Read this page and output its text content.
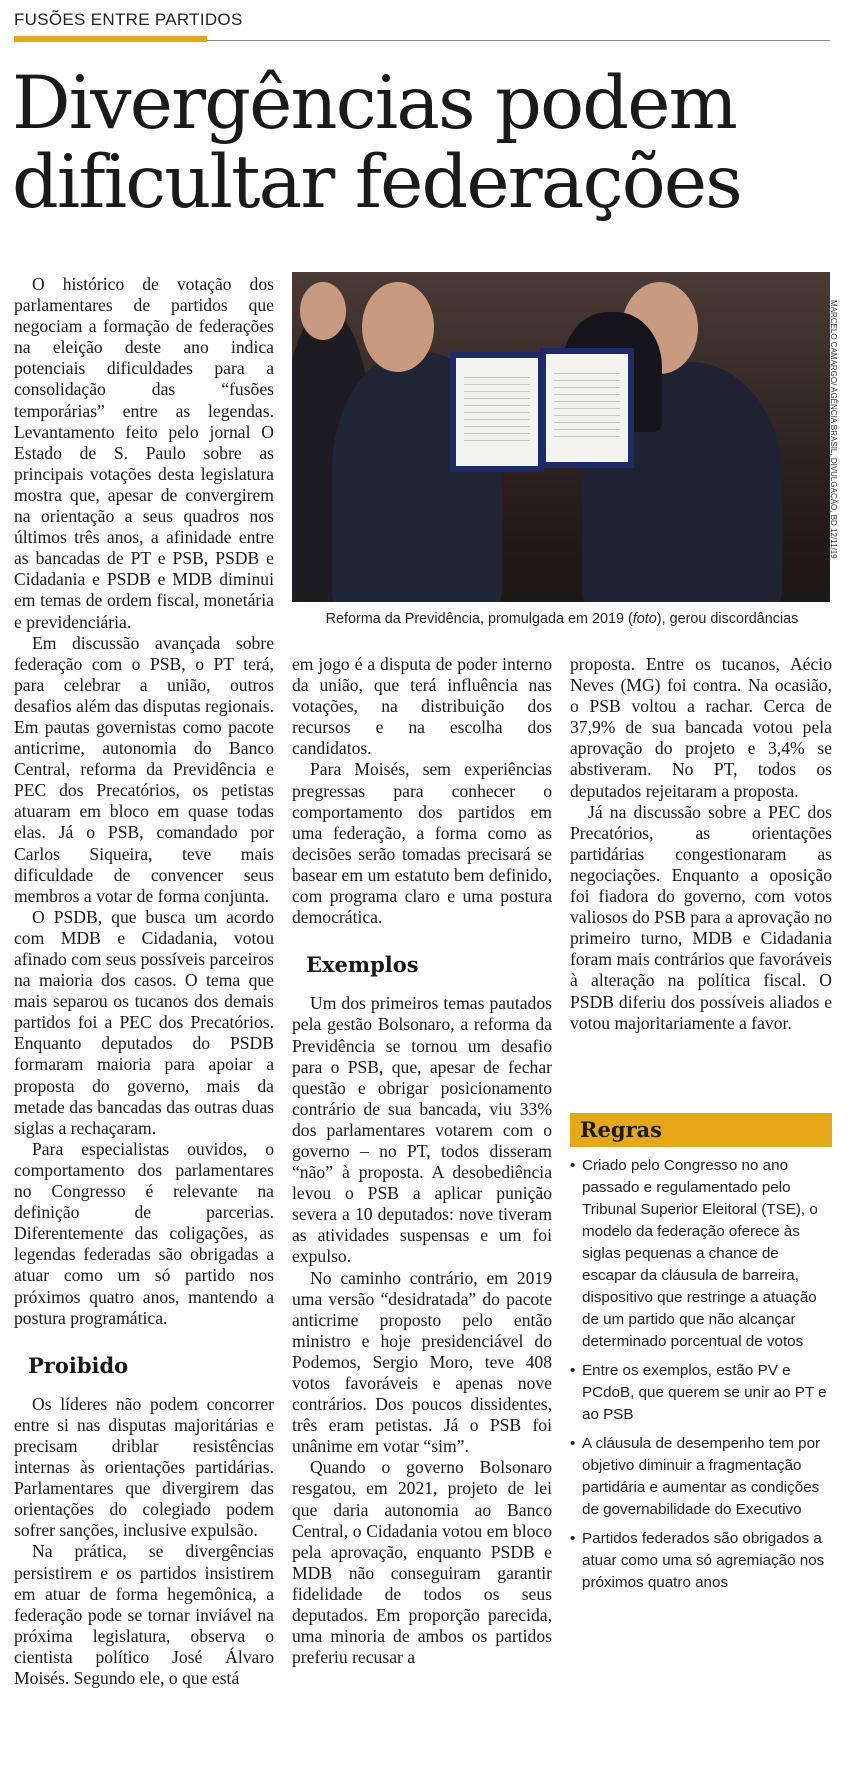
FUSÕES ENTRE PARTIDOS
Divergências podem dificultar federações

O histórico de votação dos parlamentares de partidos que negociam a formação de federações na eleição deste ano indica potenciais dificuldades para a consolidação das “fusões temporárias” entre as legendas. Levantamento feito pelo jornal O Estado de S. Paulo sobre as principais votações desta legislatura mostra que, apesar de convergirem na orientação a seus quadros nos últimos três anos, a afinidade entre as bancadas de PT e PSB, PSDB e Cidadania e PSDB e MDB diminui em temas de ordem fiscal, monetária e previdenciária.

Em discussão avançada sobre federação com o PSB, o PT terá, para celebrar a união, outros desafios além das disputas regionais. Em pautas governistas como pacote anticrime, autonomia do Banco Central, reforma da Previdência e PEC dos Precatórios, os petistas atuaram em bloco em quase todas elas. Já o PSB, comandado por Carlos Siqueira, teve mais dificuldade de convencer seus membros a votar de forma conjunta.

O PSDB, que busca um acordo com MDB e Cidadania, votou afinado com seus possíveis parceiros na maioria dos casos. O tema que mais separou os tucanos dos demais partidos foi a PEC dos Precatórios. Enquanto deputados do PSDB formaram maioria para apoiar a proposta do governo, mais da metade das bancadas das outras duas siglas a rechaçaram.

Para especialistas ouvidos, o comportamento dos parlamentares no Congresso é relevante na definição de parcerias. Diferentemente das coligações, as legendas federadas são obrigadas a atuar como um só partido nos próximos quatro anos, mantendo a postura programática.

Proibido

Os líderes não podem concorrer entre si nas disputas majoritárias e precisam driblar resistências internas às orientações partidárias. Parlamentares que divergirem das orientações do colegiado podem sofrer sanções, inclusive expulsão.

Na prática, se divergências persistirem e os partidos insistirem em atuar de forma hegemônica, a federação pode se tornar inviável na próxima legislatura, observa o cientista político José Álvaro Moisés. Segundo ele, o que está

MARCELO CAMARGO/ AGÊNCIA BRASIL, DIVULGAÇÃO, BD 12/11/19
Reforma da Previdência, promulgada em 2019 (foto), gerou discordâncias

em jogo é a disputa de poder interno da união, que terá influência nas votações, na distribuição dos recursos e na escolha dos candidatos.

Para Moisés, sem experiências pregressas para conhecer o comportamento dos partidos em uma federação, a forma como as decisões serão tomadas precisará se basear em um estatuto bem definido, com programa claro e uma postura democrática.

Exemplos

Um dos primeiros temas pautados pela gestão Bolsonaro, a reforma da Previdência se tornou um desafio para o PSB, que, apesar de fechar questão e obrigar posicionamento contrário de sua bancada, viu 33% dos parlamentares votarem com o governo – no PT, todos disseram “não” à proposta. A desobediência levou o PSB a aplicar punição severa a 10 deputados: nove tiveram as atividades suspensas e um foi expulso.

No caminho contrário, em 2019 uma versão “desidratada” do pacote anticrime proposto pelo então ministro e hoje presidenciável do Podemos, Sergio Moro, teve 408 votos favoráveis e apenas nove contrários. Dos poucos dissidentes, três eram petistas. Já o PSB foi unânime em votar “sim”.

Quando o governo Bolsonaro resgatou, em 2021, projeto de lei que daria autonomia ao Banco Central, o Cidadania votou em bloco pela aprovação, enquanto PSDB e MDB não conseguiram garantir fidelidade de todos os seus deputados. Em proporção parecida, uma minoria de ambos os partidos preferiu recusar a

proposta. Entre os tucanos, Aécio Neves (MG) foi contra. Na ocasião, o PSB voltou a rachar. Cerca de 37,9% de sua bancada votou pela aprovação do projeto e 3,4% se abstiveram. No PT, todos os deputados rejeitaram a proposta.

Já na discussão sobre a PEC dos Precatórios, as orientações partidárias congestionaram as negociações. Enquanto a oposição foi fiadora do governo, com votos valiosos do PSB para a aprovação no primeiro turno, MDB e Cidadania foram mais contrários que favoráveis à alteração na política fiscal. O PSDB diferiu dos possíveis aliados e votou majoritariamente a favor.

Regras
• Criado pelo Congresso no ano passado e regulamentado pelo Tribunal Superior Eleitoral (TSE), o modelo da federação oferece às siglas pequenas a chance de escapar da cláusula de barreira, dispositivo que restringe a atuação de um partido que não alcançar determinado porcentual de votos
• Entre os exemplos, estão PV e PCdoB, que querem se unir ao PT e ao PSB
• A cláusula de desempenho tem por objetivo diminuir a fragmentação partidária e aumentar as condições de governabilidade do Executivo
• Partidos federados são obrigados a atuar como uma só agremiação nos próximos quatro anos
